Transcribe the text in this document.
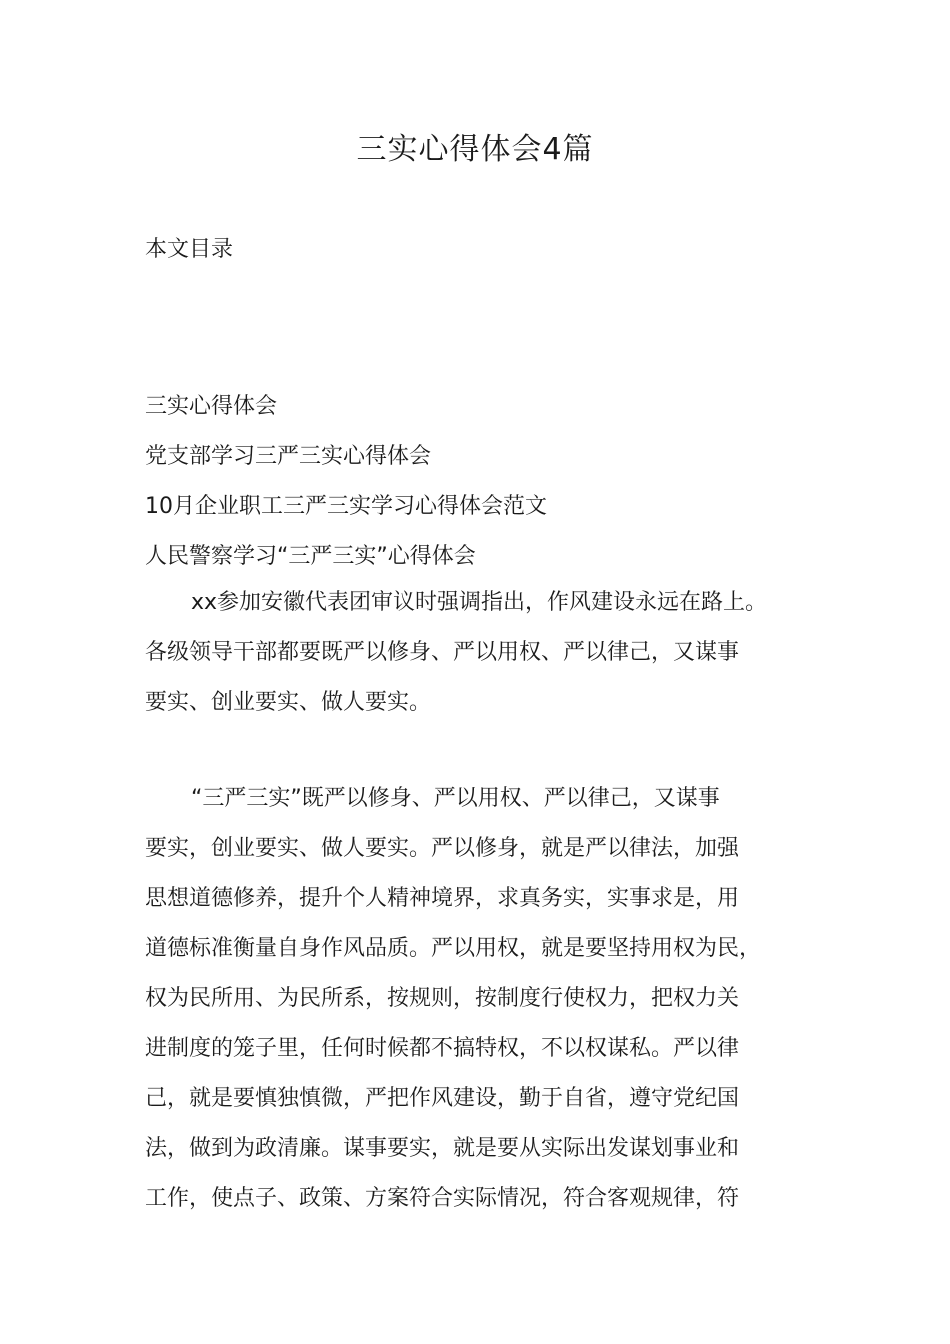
三实心得体会4篇
本文目录
三实心得体会
党支部学习三严三实心得体会
10月企业职工三严三实学习心得体会范文
人民警察学习“三严三实”心得体会
xx参加安徽代表团审议时强调指出，作风建设永远在路上。
各级领导干部都要既严以修身、严以用权、严以律己，又谋事
要实、创业要实、做人要实。
“三严三实”既严以修身、严以用权、严以律己，又谋事
要实，创业要实、做人要实。严以修身，就是严以律法，加强
思想道德修养，提升个人精神境界，求真务实，实事求是，用
道德标准衡量自身作风品质。严以用权，就是要坚持用权为民，
权为民所用、为民所系，按规则，按制度行使权力，把权力关
进制度的笼子里，任何时候都不搞特权，不以权谋私。严以律
己，就是要慎独慎微，严把作风建设，勤于自省，遵守党纪国
法，做到为政清廉。谋事要实，就是要从实际出发谋划事业和
工作，使点子、政策、方案符合实际情况，符合客观规律，符
